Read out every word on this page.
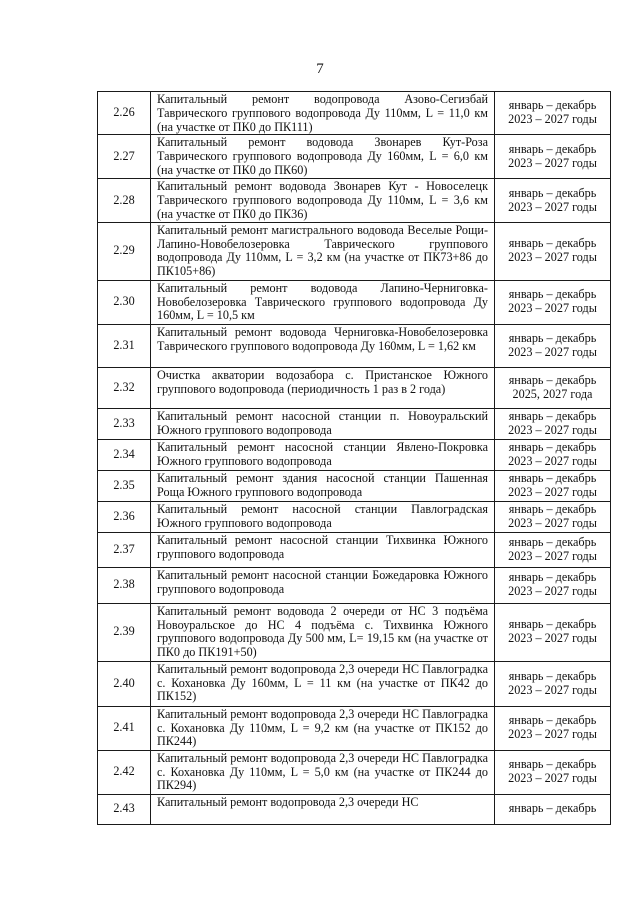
7
2.26	Капитальный ремонт водопровода Азово-Сегизбай Таврического группового водопровода Ду 110мм, L = 11,0 км (на участке от ПК0 до ПК111)	январь – декабрь 2023 – 2027 годы
2.27	Капитальный ремонт водовода Звонарев Кут-Роза Таврического группового водопровода Ду 160мм, L = 6,0 км (на участке от ПК0 до ПК60)	январь – декабрь 2023 – 2027 годы
2.28	Капитальный ремонт водовода Звонарев Кут - Новоселецк Таврического группового водопровода Ду 110мм, L = 3,6 км (на участке от ПК0 до ПК36)	январь – декабрь 2023 – 2027 годы
2.29	Капитальный ремонт магистрального водовода Веселые Рощи-Лапино-Новобелозеровка Таврического группового водопровода Ду 110мм, L = 3,2 км (на участке от ПК73+86 до ПК105+86)	январь – декабрь 2023 – 2027 годы
2.30	Капитальный ремонт водовода Лапино-Черниговка-Новобелозеровка Таврического группового водопровода Ду 160мм, L = 10,5 км	январь – декабрь 2023 – 2027 годы
2.31	Капитальный ремонт водовода Черниговка-Новобелозеровка Таврического группового водопровода Ду 160мм, L = 1,62 км	январь – декабрь 2023 – 2027 годы
2.32	Очистка акватории водозабора с. Пристанское Южного группового водопровода (периодичность 1 раз в 2 года)	январь – декабрь 2025, 2027 года
2.33	Капитальный ремонт насосной станции п. Новоуральский Южного группового водопровода	январь – декабрь 2023 – 2027 годы
2.34	Капитальный ремонт насосной станции Явлено-Покровка Южного группового водопровода	январь – декабрь 2023 – 2027 годы
2.35	Капитальный ремонт здания насосной станции Пашенная Роща Южного группового водопровода	январь – декабрь 2023 – 2027 годы
2.36	Капитальный ремонт насосной станции Павлоградская Южного группового водопровода	январь – декабрь 2023 – 2027 годы
2.37	Капитальный ремонт насосной станции Тихвинка Южного группового водопровода	январь – декабрь 2023 – 2027 годы
2.38	Капитальный ремонт насосной станции Божедаровка Южного группового водопровода	январь – декабрь 2023 – 2027 годы
2.39	Капитальный ремонт водовода 2 очереди от НС 3 подъёма Новоуральское до НС 4 подъёма с. Тихвинка Южного группового водопровода Ду 500 мм, L= 19,15 км (на участке от ПК0 до ПК191+50)	январь – декабрь 2023 – 2027 годы
2.40	Капитальный ремонт водопровода 2,3 очереди НС Павлоградка с. Кохановка Ду 160мм, L = 11 км (на участке от ПК42 до ПК152)	январь – декабрь 2023 – 2027 годы
2.41	Капитальный ремонт водопровода 2,3 очереди НС Павлоградка с. Кохановка Ду 110мм, L = 9,2 км (на участке от ПК152 до ПК244)	январь – декабрь 2023 – 2027 годы
2.42	Капитальный ремонт водопровода 2,3 очереди НС Павлоградка с. Кохановка Ду 110мм, L = 5,0 км (на участке от ПК244 до ПК294)	январь – декабрь 2023 – 2027 годы
2.43	Капитальный ремонт водопровода 2,3 очереди НС	январь – декабрь
